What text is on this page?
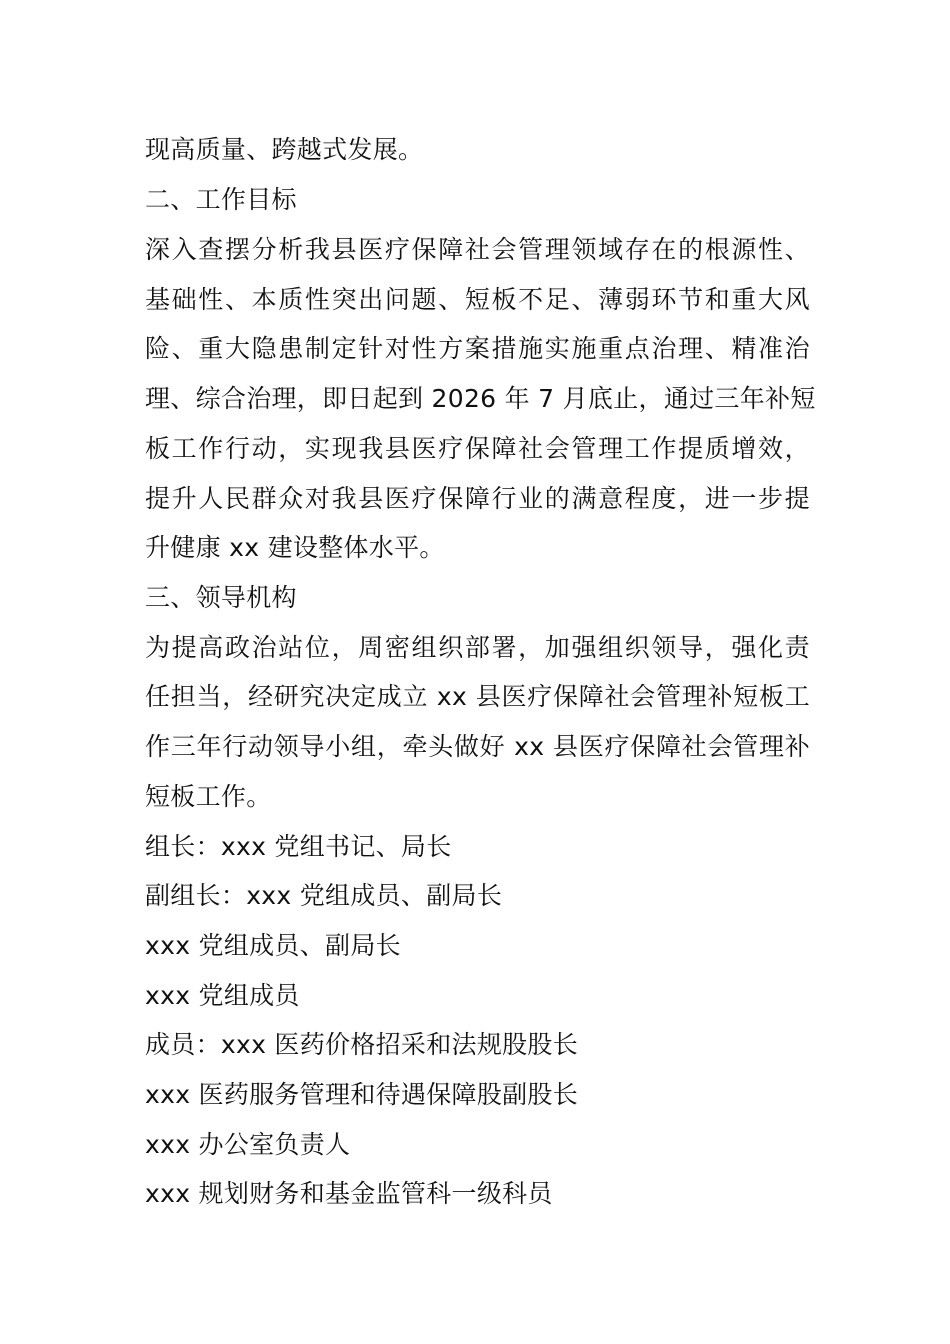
现高质量、跨越式发展。

二、工作目标

深入查摆分析我县医疗保障社会管理领域存在的根源性、

基础性、本质性突出问题、短板不足、薄弱环节和重大风

险、重大隐患制定针对性方案措施实施重点治理、精准治

理、综合治理，即日起到 2026 年 7 月底止，通过三年补短

板工作行动，实现我县医疗保障社会管理工作提质增效，

提升人民群众对我县医疗保障行业的满意程度，进一步提

升健康 xx 建设整体水平。

三、领导机构

为提高政治站位，周密组织部署，加强组织领导，强化责

任担当，经研究决定成立 xx 县医疗保障社会管理补短板工

作三年行动领导小组，牵头做好 xx 县医疗保障社会管理补

短板工作。

组长：xxx 党组书记、局长

副组长：xxx 党组成员、副局长

xxx 党组成员、副局长

xxx 党组成员

成员：xxx 医药价格招采和法规股股长

xxx 医药服务管理和待遇保障股副股长

xxx 办公室负责人

xxx 规划财务和基金监管科一级科员
